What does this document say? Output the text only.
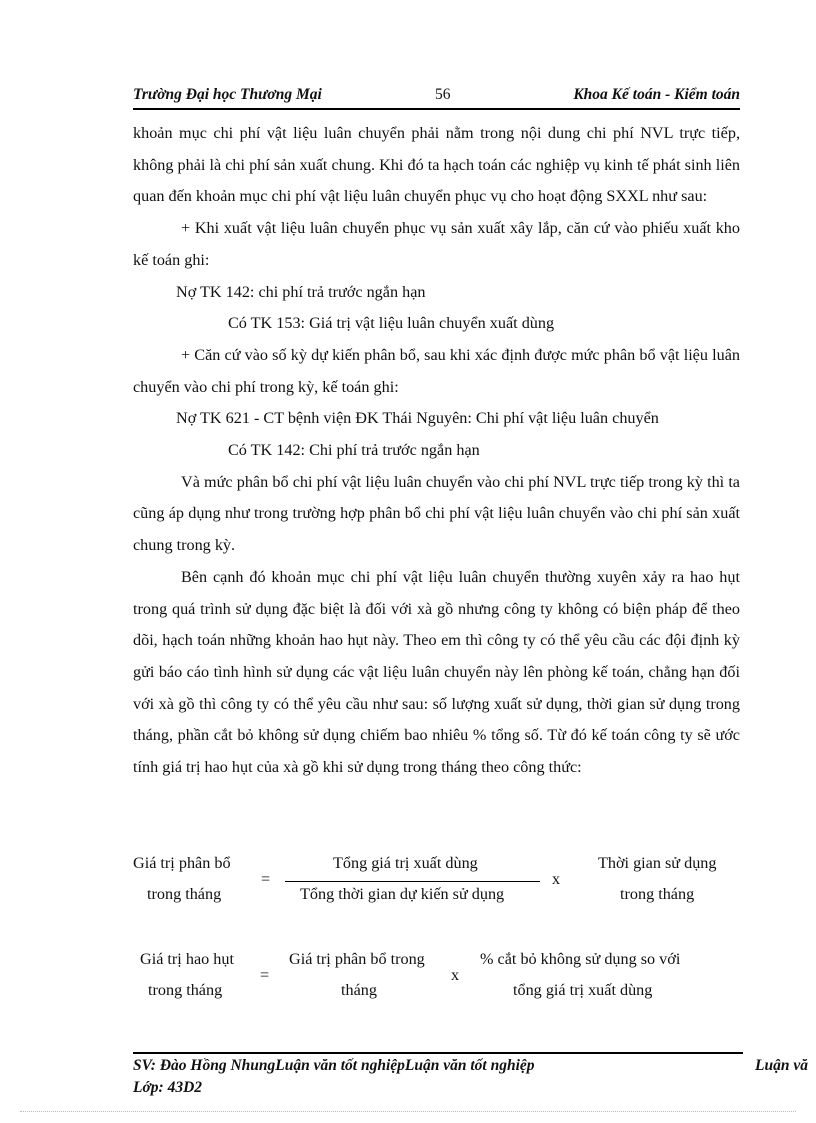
Trường Đại học Thương Mại	56	Khoa Kế toán - Kiểm toán

khoản mục chi phí vật liệu luân chuyển phải nằm trong nội dung chi phí NVL trực tiếp, không phải là chi phí sản xuất chung. Khi đó ta hạch toán các nghiệp vụ kinh tế phát sinh liên quan đến khoản mục chi phí vật liệu luân chuyển phục vụ cho hoạt động SXXL như sau:

+ Khi xuất vật liệu luân chuyển phục vụ sản xuất xây lắp, căn cứ vào phiếu xuất kho kế toán ghi:

Nợ TK 142: chi phí trả trước ngắn hạn

Có TK 153: Giá trị vật liệu luân chuyển xuất dùng

+ Căn cứ vào số kỳ dự kiến phân bổ, sau khi xác định được mức phân bổ vật liệu luân chuyển vào chi phí trong kỳ, kế toán ghi:

Nợ TK 621 - CT bệnh viện ĐK Thái Nguyên: Chi phí vật liệu luân chuyển

Có TK 142: Chi phí trả trước ngắn hạn

Và mức phân bổ chi phí vật liệu luân chuyển vào chi phí NVL trực tiếp trong kỳ thì ta cũng áp dụng như trong trường hợp phân bổ chi phí vật liệu luân chuyển vào chi phí sản xuất chung trong kỳ.

Bên cạnh đó khoản mục chi phí vật liệu luân chuyển thường xuyên xảy ra hao hụt trong quá trình sử dụng đặc biệt là đối với xà gồ nhưng công ty không có biện pháp để theo dõi, hạch toán những khoản hao hụt này. Theo em thì công ty có thể yêu cầu các đội định kỳ gửi báo cáo tình hình sử dụng các vật liệu luân chuyển này lên phòng kế toán, chẳng hạn đối với xà gồ thì công ty có thể yêu cầu như sau: số lượng xuất sử dụng, thời gian sử dụng trong tháng, phần cắt bỏ không sử dụng chiếm bao nhiêu % tổng số. Từ đó kế toán công ty sẽ ước tính giá trị hao hụt của xà gồ khi sử dụng trong tháng theo công thức:

Giá trị phân bổ
trong tháng
=
Tổng giá trị xuất dùng
Tổng thời gian dự kiến sử dụng
x
Thời gian sử dụng
trong tháng
Giá trị hao hụt
trong tháng
=
Giá trị phân bổ trong
tháng
x
% cắt bỏ không sử dụng so với
tổng giá trị xuất dùng
SV: Đào Hồng NhungLuận văn tốt nghiệpLuận văn tốt nghiệp	Luận vă
Lớp: 43D2
